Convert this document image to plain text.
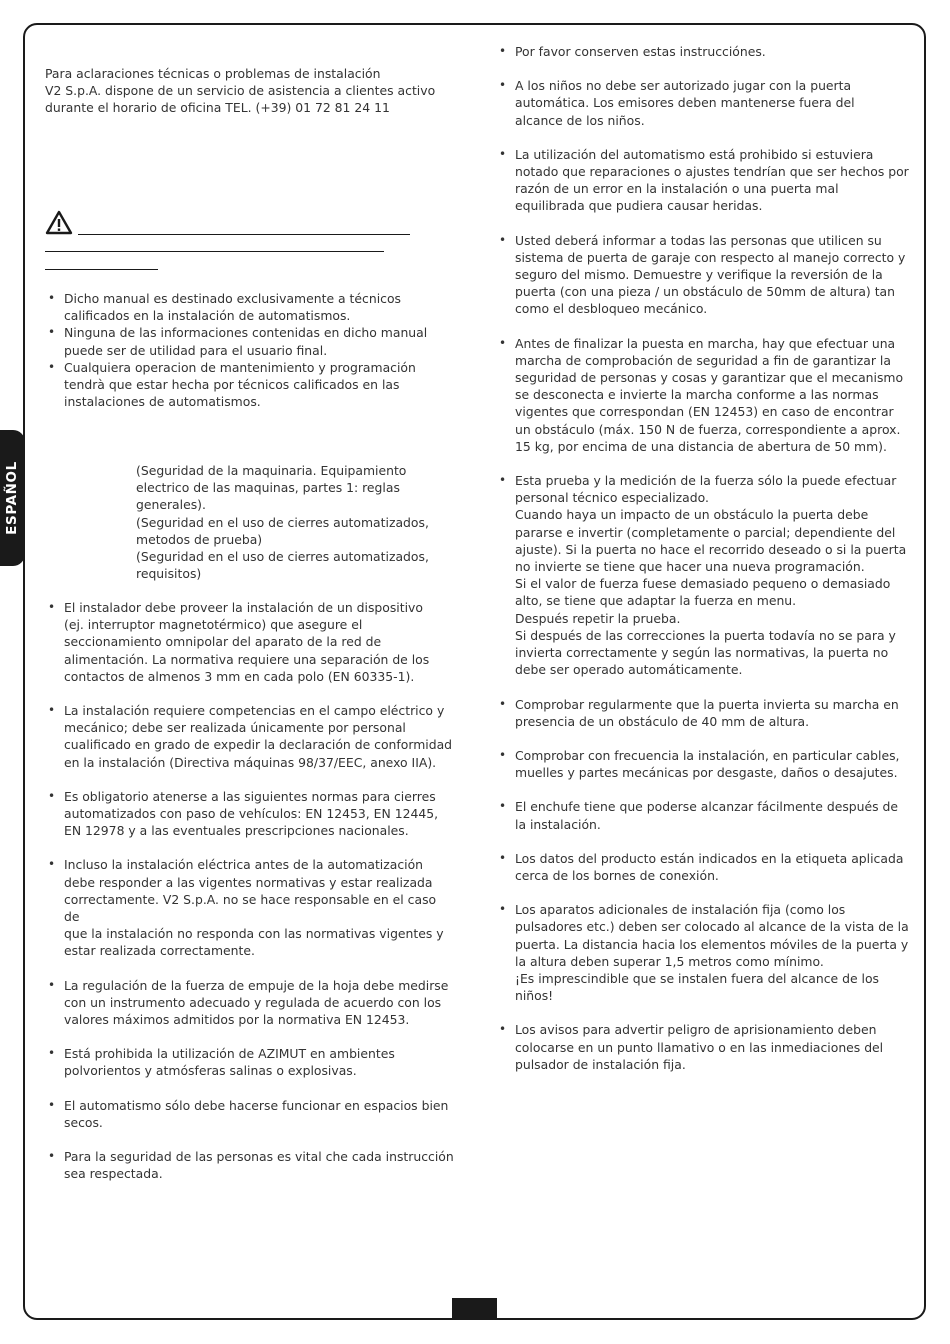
ESPAÑOL

Para aclaraciones técnicas o problemas de instalación
V2 S.p.A. dispone de un servicio de asistencia a clientes activo
durante el horario de oficina TEL. (+39) 01 72 81 24 11

• Dicho manual es destinado exclusivamente a técnicos
calificados en la instalación de automatismos.
• Ninguna de las informaciones contenidas en dicho manual
puede ser de utilidad para el usuario final.
• Cualquiera operacion de mantenimiento y programación
tendrà que estar hecha por técnicos calificados en las
instalaciones de automatismos.

(Seguridad de la maquinaria. Equipamiento
electrico de las maquinas, partes 1: reglas
generales).
(Seguridad en el uso de cierres automatizados,
metodos de prueba)
(Seguridad en el uso de cierres automatizados,
requisitos)

• El instalador debe proveer la instalación de un dispositivo
(ej. interruptor magnetotérmico) que asegure el
seccionamiento omnipolar del aparato de la red de
alimentación. La normativa requiere una separación de los
contactos de almenos 3 mm en cada polo (EN 60335-1).
• La instalación requiere competencias en el campo eléctrico y
mecánico; debe ser realizada únicamente por personal
cualificado en grado de expedir la declaración de conformidad
en la instalación (Directiva máquinas 98/37/EEC, anexo IIA).
• Es obligatorio atenerse a las siguientes normas para cierres
automatizados con paso de vehículos: EN 12453, EN 12445,
EN 12978 y a las eventuales prescripciones nacionales.
• Incluso la instalación eléctrica antes de la automatización
debe responder a las vigentes normativas y estar realizada
correctamente. V2 S.p.A. no se hace responsable en el caso de
que la instalación no responda con las normativas vigentes y
estar realizada correctamente.
• La regulación de la fuerza de empuje de la hoja debe medirse
con un instrumento adecuado y regulada de acuerdo con los
valores máximos admitidos por la normativa EN 12453.
• Está prohibida la utilización de AZIMUT en ambientes
polvorientos y atmósferas salinas o explosivas.
• El automatismo sólo debe hacerse funcionar en espacios bien
secos.
• Para la seguridad de las personas es vital che cada instrucción
sea respectada.
• Por favor conserven estas instrucciónes.
• A los niños no debe ser autorizado jugar con la puerta
automática. Los emisores deben mantenerse fuera del
alcance de los niños.
• La utilización del automatismo está prohibido si estuviera
notado que reparaciones o ajustes tendrían que ser hechos por
razón de un error en la instalación o una puerta mal
equilibrada que pudiera causar heridas.
• Usted deberá informar a todas las personas que utilicen su
sistema de puerta de garaje con respecto al manejo correcto y
seguro del mismo. Demuestre y verifique la reversión de la
puerta (con una pieza / un obstáculo de 50mm de altura) tan
como el desbloqueo mecánico.
• Antes de finalizar la puesta en marcha, hay que efectuar una
marcha de comprobación de seguridad a fin de garantizar la
seguridad de personas y cosas y garantizar que el mecanismo
se desconecta e invierte la marcha conforme a las normas
vigentes que correspondan (EN 12453) en caso de encontrar
un obstáculo (máx. 150 N de fuerza, correspondiente a aprox.
15 kg, por encima de una distancia de abertura de 50 mm).
• Esta prueba y la medición de la fuerza sólo la puede efectuar
personal técnico especializado.
Cuando haya un impacto de un obstáculo la puerta debe
pararse e invertir (completamente o parcial; dependiente del
ajuste). Si la puerta no hace el recorrido deseado o si la puerta
no invierte se tiene que hacer una nueva programación.
Si el valor de fuerza fuese demasiado pequeno o demasiado
alto, se tiene que adaptar la fuerza en menu.
Después repetir la prueba.
Si después de las correcciones la puerta todavía no se para y
invierta correctamente y según las normativas, la puerta no
debe ser operado automáticamente.
• Comprobar regularmente que la puerta invierta su marcha en
presencia de un obstáculo de 40 mm de altura.
• Comprobar con frecuencia la instalación, en particular cables,
muelles y partes mecánicas por desgaste, daños o desajutes.
• El enchufe tiene que poderse alcanzar fácilmente después de
la instalación.
• Los datos del producto están indicados en la etiqueta aplicada
cerca de los bornes de conexión.
• Los aparatos adicionales de instalación fija (como los
pulsadores etc.) deben ser colocado al alcance de la vista de la
puerta. La distancia hacia los elementos móviles de la puerta y
la altura deben superar 1,5 metros como mínimo.
¡Es imprescindible que se instalen fuera del alcance de los
niños!
• Los avisos para advertir peligro de aprisionamiento deben
colocarse en un punto llamativo o en las inmediaciones del
pulsador de instalación fija.
